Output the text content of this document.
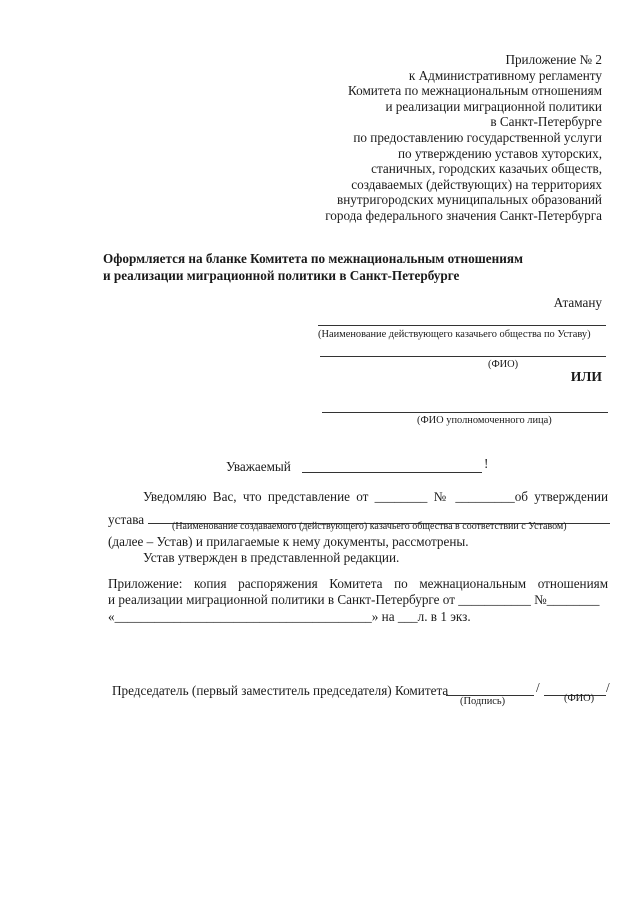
Приложение № 2
к Административному регламенту
Комитета по межнациональным отношениям
и реализации миграционной политики
в Санкт-Петербурге
по предоставлению государственной услуги
по утверждению уставов хуторских,
станичных, городских казачьих обществ,
создаваемых (действующих) на территориях
внутригородских муниципальных образований
города федерального значения Санкт-Петербурга
Оформляется на бланке Комитета по межнациональным отношениям
и реализации миграционной политики в Санкт-Петербурге
Атаману
(Наименование действующего казачьего общества по Уставу)
(ФИО)
ИЛИ
(ФИО уполномоченного лица)
Уважаемый	!
Уведомляю Вас, что представление от ________ № _________об утверждении
устава	(Наименование создаваемого (действующего) казачьего общества в соответствии с Уставом)
(далее – Устав) и прилагаемые к нему документы, рассмотрены.
Устав утвержден в представленной редакции.
Приложение: копия распоряжения Комитета по межнациональным отношениям
и реализации миграционной политики в Санкт-Петербурге от ___________ №________
«_______________________________________» на ___л. в 1 экз.
Председатель (первый заместитель председателя) Комитета	/	/
(Подпись)	(ФИО)
